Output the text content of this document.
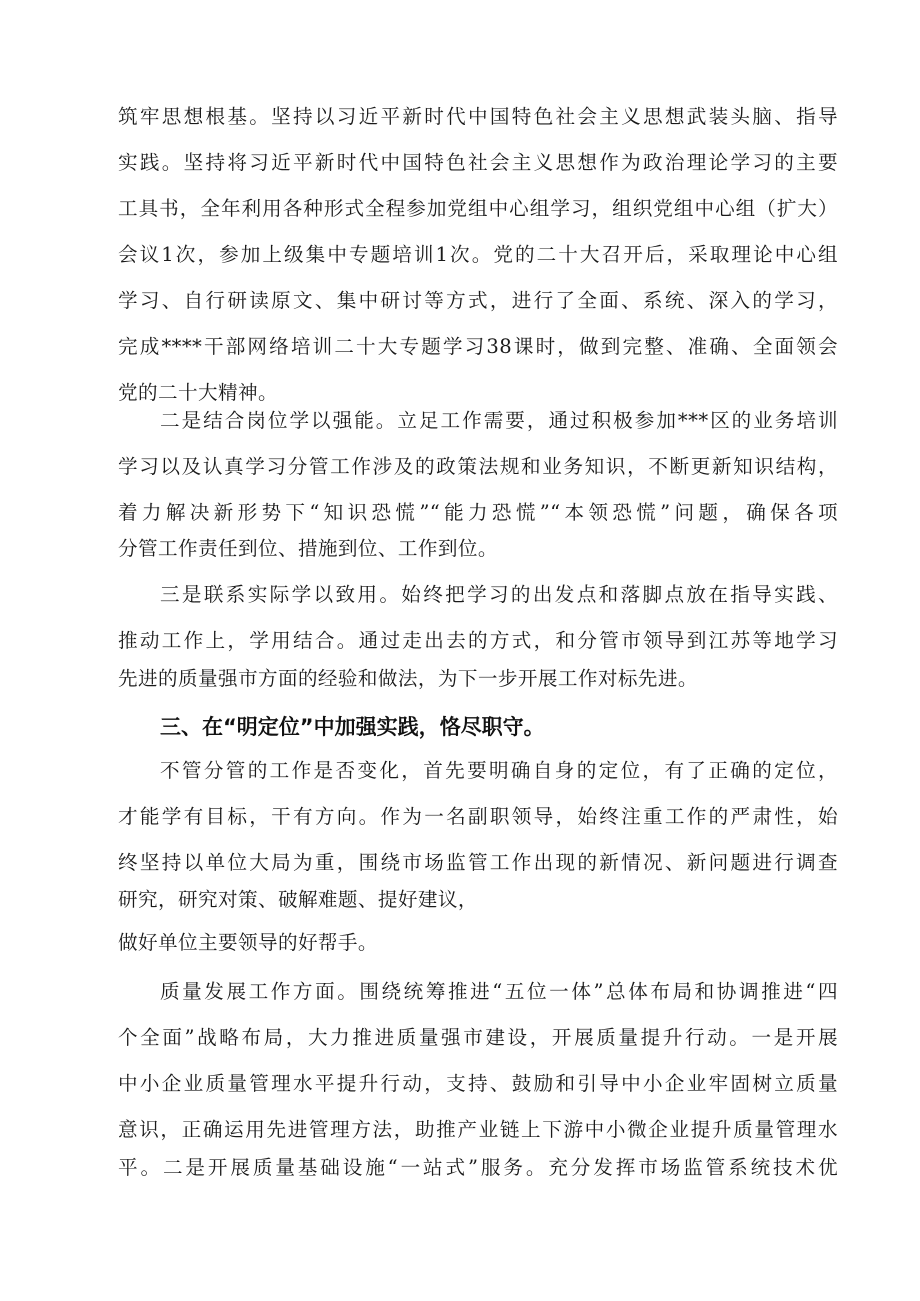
筑牢思想根基。坚持以习近平新时代中国特色社会主义思想武装头脑、指导
实践。坚持将习近平新时代中国特色社会主义思想作为政治理论学习的主要
工具书，全年利用各种形式全程参加党组中心组学习，组织党组中心组（扩大）
会议1次，参加上级集中专题培训1次。党的二十大召开后，采取理论中心组
学习、自行研读原文、集中研讨等方式，进行了全面、系统、深入的学习，
完成****干部网络培训二十大专题学习38课时，做到完整、准确、全面领会
党的二十大精神。
二是结合岗位学以强能。立足工作需要，通过积极参加***区的业务培训
学习以及认真学习分管工作涉及的政策法规和业务知识，不断更新知识结构，
着力解决新形势下“知识恐慌”“能力恐慌”“本领恐慌”问题，确保各项
分管工作责任到位、措施到位、工作到位。
三是联系实际学以致用。始终把学习的出发点和落脚点放在指导实践、
推动工作上，学用结合。通过走出去的方式，和分管市领导到江苏等地学习
先进的质量强市方面的经验和做法，为下一步开展工作对标先进。
三、在“明定位”中加强实践，恪尽职守。
不管分管的工作是否变化，首先要明确自身的定位，有了正确的定位，
才能学有目标，干有方向。作为一名副职领导，始终注重工作的严肃性，始
终坚持以单位大局为重，围绕市场监管工作出现的新情况、新问题进行调查
研究，研究对策、破解难题、提好建议，
做好单位主要领导的好帮手。
质量发展工作方面。围绕统筹推进“五位一体”总体布局和协调推进“四
个全面”战略布局，大力推进质量强市建设，开展质量提升行动。一是开展
中小企业质量管理水平提升行动，支持、鼓励和引导中小企业牢固树立质量
意识，正确运用先进管理方法，助推产业链上下游中小微企业提升质量管理水
平。二是开展质量基础设施“一站式”服务。充分发挥市场监管系统技术优
